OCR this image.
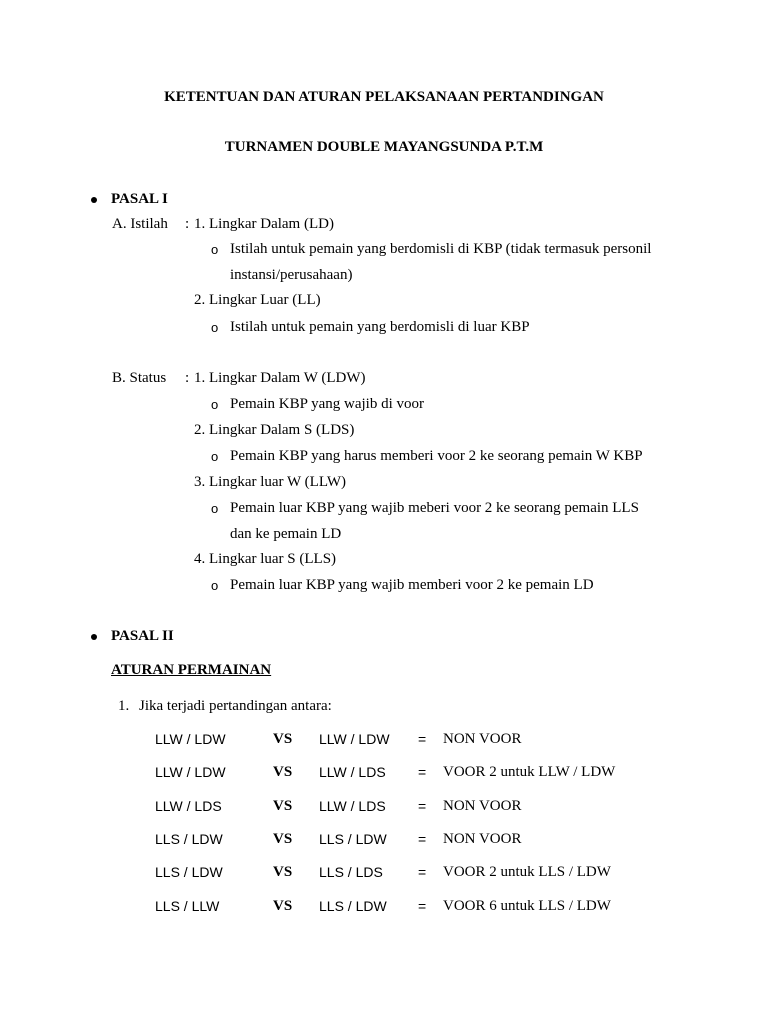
KETENTUAN DAN ATURAN PELAKSANAAN PERTANDINGAN
TURNAMEN DOUBLE MAYANGSUNDA P.T.M
PASAL I
A. Istilah : 1. Lingkar Dalam (LD)
o Istilah untuk pemain yang berdomisli di KBP (tidak termasuk personil
instansi/perusahaan)
2. Lingkar Luar (LL)
o Istilah untuk pemain yang berdomisli di luar KBP
B. Status : 1. Lingkar Dalam W (LDW)
o Pemain KBP yang wajib di voor
2. Lingkar Dalam S (LDS)
o Pemain KBP yang harus memberi voor 2 ke seorang pemain W KBP
3. Lingkar luar W (LLW)
o Pemain luar KBP yang wajib meberi voor 2 ke seorang pemain LLS
dan ke pemain LD
4. Lingkar luar S (LLS)
o Pemain luar KBP yang wajib memberi voor 2 ke pemain LD
PASAL II
ATURAN PERMAINAN
1. Jika terjadi pertandingan antara:
LLW / LDW	VS LLW / LDW = NON VOOR
LLW / LDW	VS LLW / LDS = VOOR 2 untuk LLW / LDW
LLW / LDS	VS LLW / LDS = NON VOOR
LLS / LDW	VS LLS / LDW = NON VOOR
LLS / LDW	VS LLS / LDS	= VOOR 2 untuk LLS / LDW
LLS / LLW	VS LLS / LDW = VOOR 6 untuk LLS / LDW
